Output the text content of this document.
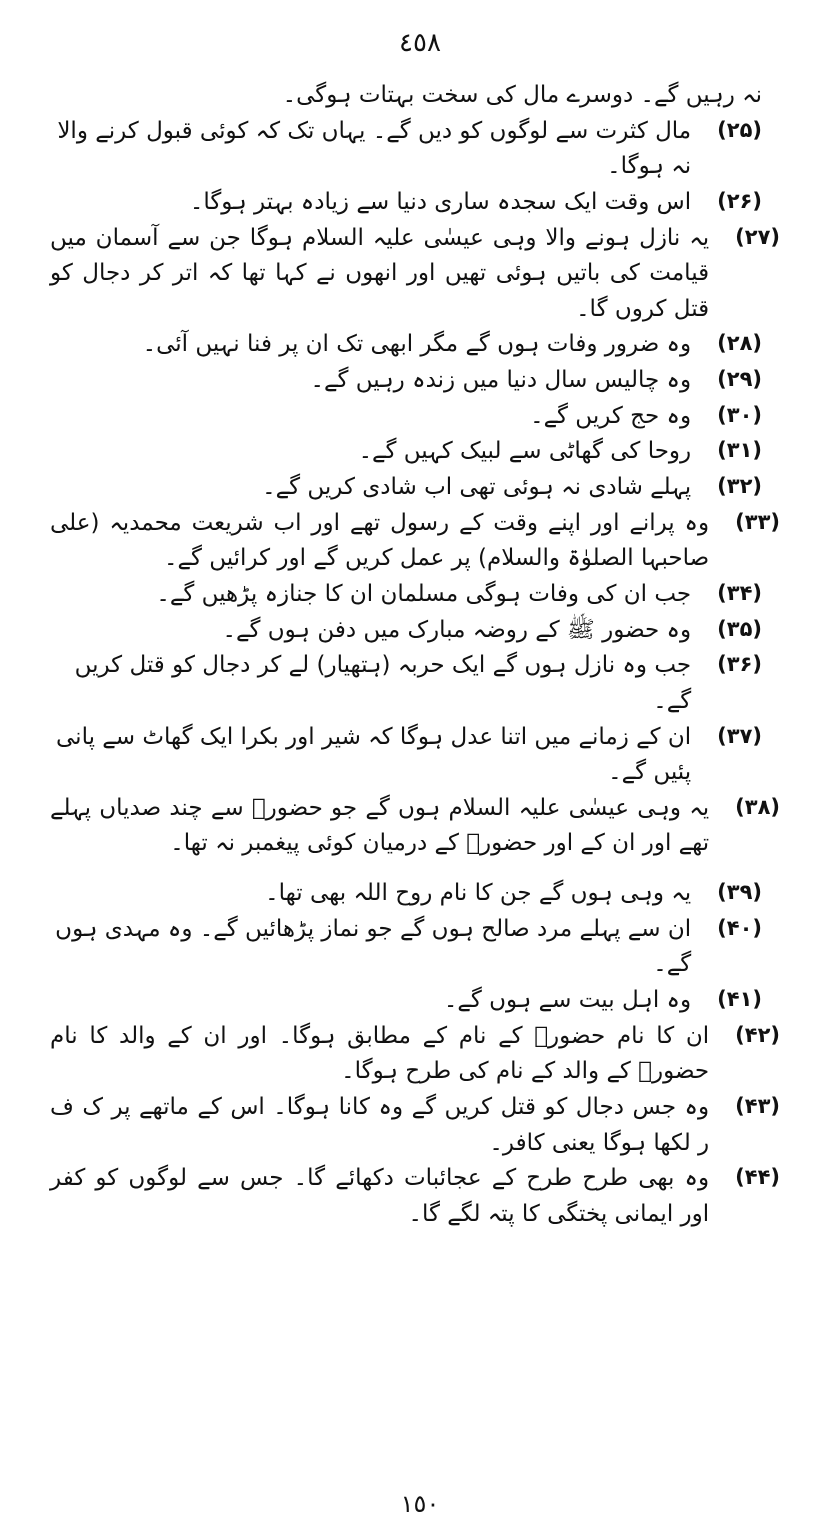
٤٥٨
نہ رہیں گے۔ دوسرے مال کی سخت بہتات ہوگی۔
(۲۵)
مال کثرت سے لوگوں کو دیں گے۔ یہاں تک کہ کوئی قبول کرنے والا نہ ہوگا۔
(۲۶)
اس وقت ایک سجدہ ساری دنیا سے زیادہ بہتر ہوگا۔
(۲۷)
یہ نازل ہونے والا وہی عیسٰی علیہ السلام ہوگا جن سے آسمان میں قیامت کی باتیں ہوئی تھیں اور انھوں نے کہا تھا کہ اتر کر دجال کو قتل کروں گا۔
(۲۸)
وہ ضرور وفات ہوں گے مگر ابھی تک ان پر فنا نہیں آئی۔
(۲۹)
وہ چالیس سال دنیا میں زندہ رہیں گے۔
(۳۰)
وہ حج کریں گے۔
(۳۱)
روحا کی گھاٹی سے لبیک کہیں گے۔
(۳۲)
پہلے شادی نہ ہوئی تھی اب شادی کریں گے۔
(۳۳)
وہ پرانے اور اپنے وقت کے رسول تھے اور اب شریعت محمدیہ (علی صاحبہا الصلوٰۃ والسلام) پر عمل کریں گے اور کرائیں گے۔
(۳۴)
جب ان کی وفات ہوگی مسلمان ان کا جنازہ پڑھیں گے۔
(۳۵)
وہ حضور ﷺ کے روضہ مبارک میں دفن ہوں گے۔
(۳۶)
جب وہ نازل ہوں گے ایک حربہ (ہتھیار) لے کر دجال کو قتل کریں گے۔
(۳۷)
ان کے زمانے میں اتنا عدل ہوگا کہ شیر اور بکرا ایک گھاٹ سے پانی پئیں گے۔
(۳۸)
یہ وہی عیسٰی علیہ السلام ہوں گے جو حضورؐ سے چند صدیاں پہلے تھے اور ان کے اور حضورؐ کے درمیان کوئی پیغمبر نہ تھا۔
(۳۹)
یہ وہی ہوں گے جن کا نام روح اللہ بھی تھا۔
(۴۰)
ان سے پہلے مرد صالح ہوں گے جو نماز پڑھائیں گے۔ وہ مہدی ہوں گے۔
(۴۱)
وہ اہل بیت سے ہوں گے۔
(۴۲)
ان کا نام حضورؐ کے نام کے مطابق ہوگا۔ اور ان کے والد کا نام حضورؐ کے والد کے نام کی طرح ہوگا۔
(۴۳)
وہ جس دجال کو قتل کریں گے وہ کانا ہوگا۔ اس کے ماتھے پر ک ف ر لکھا ہوگا یعنی کافر۔
(۴۴)
وہ بھی طرح طرح کے عجائبات دکھائے گا۔ جس سے لوگوں کو کفر اور ایمانی پختگی کا پتہ لگے گا۔
١٥٠
